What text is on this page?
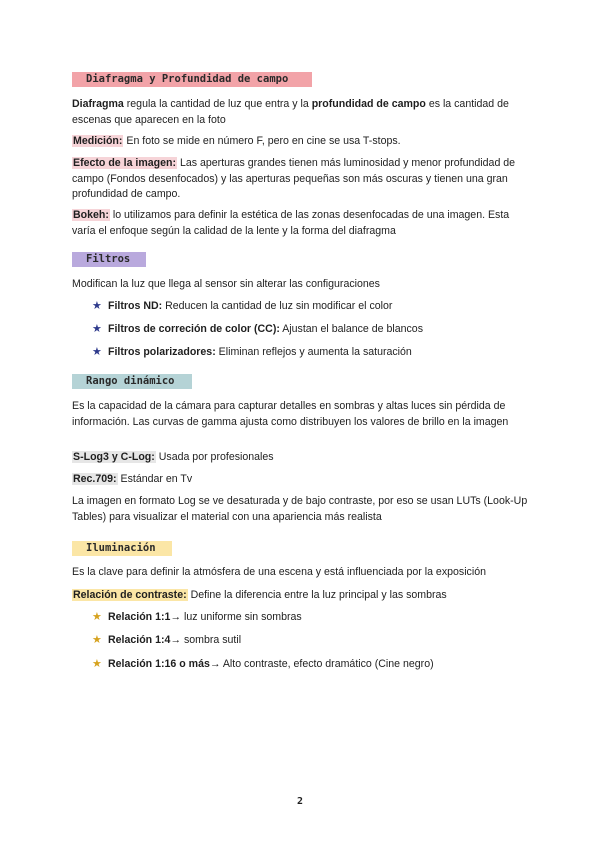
Diafragma y Profundidad de campo

Diafragma regula la cantidad de luz que entra y la profundidad de campo es la cantidad de escenas que aparecen en la foto

Medición: En foto se mide en número F, pero en cine se usa T-stops.

Efecto de la imagen: Las aperturas grandes tienen más luminosidad y menor profundidad de campo (Fondos desenfocados) y las aperturas pequeñas son más oscuras y tienen una gran profundidad de campo.

Bokeh: lo utilizamos para definir la estética de las zonas desenfocadas de una imagen. Esta varía el enfoque según la calidad de la lente y la forma del diafragma

Filtros

Modifican la luz que llega al sensor sin alterar las configuraciones

★ Filtros ND: Reducen la cantidad de luz sin modificar el color
★ Filtros de correción de color (CC): Ajustan el balance de blancos
★ Filtros polarizadores: Eliminan reflejos y aumenta la saturación
Rango dinámico

Es la capacidad de la cámara para capturar detalles en sombras y altas luces sin pérdida de información. Las curvas de gamma ajusta como distribuyen los valores de brillo en la imagen

S-Log3 y C-Log: Usada por profesionales

Rec.709: Estándar en Tv

La imagen en formato Log se ve desaturada y de bajo contraste, por eso se usan LUTs (Look-Up Tables) para visualizar el material con una apariencia más realista

Iluminación

Es la clave para definir la atmósfera de una escena y está influenciada por la exposición

Relación de contraste: Define la diferencia entre la luz principal y las sombras

★ Relación 1:1→ luz uniforme sin sombras
★ Relación 1:4→ sombra sutil
★ Relación 1:16 o más→ Alto contraste, efecto dramático (Cine negro)
2
